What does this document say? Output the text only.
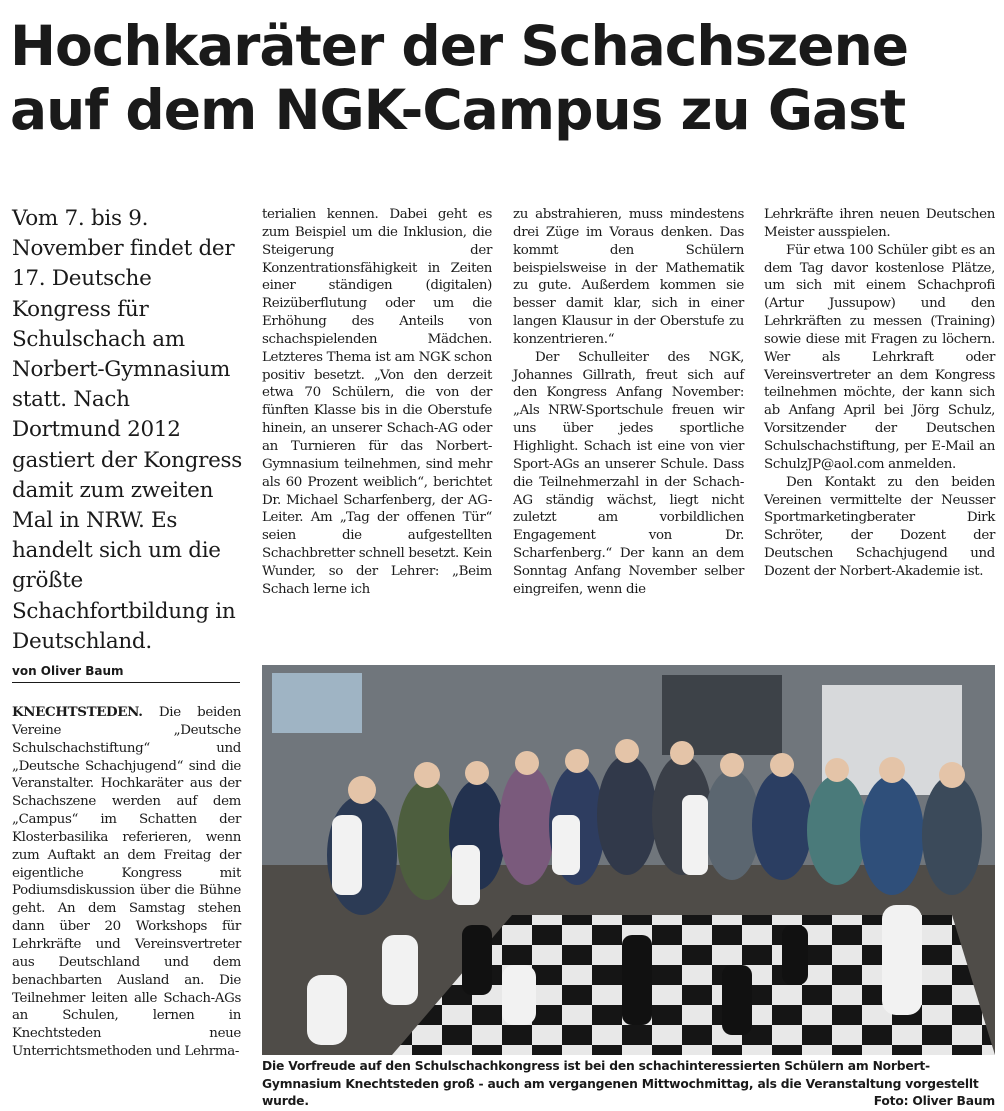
Hochkaräter der Schachszene
auf dem NGK-Campus zu Gast

Vom 7. bis 9. November findet der 17. Deutsche Kongress für Schulschach am Norbert-Gymnasium statt. Nach Dortmund 2012 gastiert der Kongress damit zum zweiten Mal in NRW. Es handelt sich um die größte Schachfortbildung in Deutschland.

von Oliver Baum

KNECHTSTEDEN. Die beiden Vereine „Deutsche Schulschachstiftung“ und „Deutsche Schachjugend“ sind die Veranstalter. Hochkaräter aus der Schachszene werden auf dem „Campus“ im Schatten der Klosterbasilika referieren, wenn zum Auftakt an dem Freitag der eigentliche Kongress mit Podiumsdiskussion über die Bühne geht. An dem Samstag stehen dann über 20 Workshops für Lehrkräfte und Vereinsvertreter aus Deutschland und dem benachbarten Ausland an. Die Teilnehmer leiten alle Schach-AGs an Schulen, lernen in Knechtsteden neue Unterrichtsmethoden und Lehrma-

terialien kennen. Dabei geht es zum Beispiel um die Inklusion, die Steigerung der Konzentrationsfähigkeit in Zeiten einer ständigen (digitalen) Reizüberflutung oder um die Erhöhung des Anteils von schachspielenden Mädchen. Letzteres Thema ist am NGK schon positiv besetzt. „Von den derzeit etwa 70 Schülern, die von der fünften Klasse bis in die Oberstufe hinein, an unserer Schach-AG oder an Turnieren für das Norbert-Gymnasium teilnehmen, sind mehr als 60 Prozent weiblich“, berichtet Dr. Michael Scharfenberg, der AG-Leiter. Am „Tag der offenen Tür“ seien die aufgestellten Schachbretter schnell besetzt. Kein Wunder, so der Lehrer: „Beim Schach lerne ich

zu abstrahieren, muss mindestens drei Züge im Voraus denken. Das kommt den Schülern beispielsweise in der Mathematik zu gute. Außerdem kommen sie besser damit klar, sich in einer langen Klausur in der Oberstufe zu konzentrieren.“

Der Schulleiter des NGK, Johannes Gillrath, freut sich auf den Kongress Anfang November: „Als NRW-Sportschule freuen wir uns über jedes sportliche Highlight. Schach ist eine von vier Sport-AGs an unserer Schule. Dass die Teilnehmerzahl in der Schach-AG ständig wächst, liegt nicht zuletzt am vorbildlichen Engagement von Dr. Scharfenberg.“ Der kann an dem Sonntag Anfang November selber eingreifen, wenn die

Lehrkräfte ihren neuen Deutschen Meister ausspielen.

Für etwa 100 Schüler gibt es an dem Tag davor kostenlose Plätze, um sich mit einem Schachprofi (Artur Jussupow) und den Lehrkräften zu messen (Training) sowie diese mit Fragen zu löchern. Wer als Lehrkraft oder Vereinsvertreter an dem Kongress teilnehmen möchte, der kann sich ab Anfang April bei Jörg Schulz, Vorsitzender der Deutschen Schulschachstiftung, per E-Mail an SchulzJP@aol.com anmelden.

Den Kontakt zu den beiden Vereinen vermittelte der Neusser Sportmarketingberater Dirk Schröter, der Dozent der Deutschen Schachjugend und Dozent der Norbert-Akademie ist.

Die Vorfreude auf den Schulschachkongress ist bei den schachinteressierten Schülern am Norbert-Gymnasium Knechtsteden groß - auch am vergangenen Mittwochmittag, als die Veranstaltung vorgestellt wurde.	Foto: Oliver Baum
